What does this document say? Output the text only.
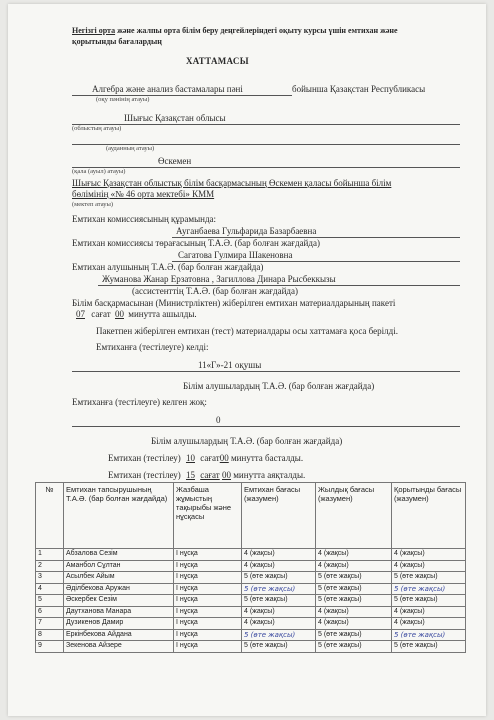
Негізгі орта және жалпы орта білім беру деңгейлеріндегі оқыту курсы үшін емтихан және
қорытынды бағалардың
ХАТТАМАСЫ
Алгебра және анализ бастамалары пәні	бойынша Қазақстан Республикасы
(оқу пәнінің атауы)
Шығыс Қазақстан облысы
(облыстың атауы)
(ауданның атауы)
Өскемен
(қала (ауыл) атауы)
Шығыс Қазақстан облыстық білім басқармасының Өскемен қаласы бойынша білім
бөлімінің «№ 46 орта мектебі» КММ
(мектеп атауы)
Емтихан комиссиясының құрамында:
Ауганбаева Гульфарида Базарбаевна
Емтихан комиссиясы төрағасының Т.А.Ә. (бар болған жағдайда)
Сагатова Гулмира Шакеновна
Емтихан алушының Т.А.Ә. (бар болған жағдайда)
Жуманова Жанар Ерзатовна , Загиллова Динара Рысбеккызы
(ассистенттің Т.А.Ә. (бар болған жағдайда)
Білім басқармасынан (Министрліктен) жіберілген емтихан материалдарының пакеті
07 сағат 00 минутта ашылды.
Пакетпен жіберілген емтихан (тест) материалдары осы хаттамаға қоса берілді.
Емтиханға (тестілеуге) келді:
11«Г»-21 оқушы
Білім алушылардың Т.А.Ә. (бар болған жағдайда)
Емтиханға (тестілеуге) келген жоқ:
0
Білім алушылардың Т.А.Ә. (бар болған жағдайда)
Емтихан (тестілеу) 10 сағат00 минутта басталды.
Емтихан (тестілеу) 15 сағат 00 минутта аяқталды.
№	Емтихан тапсырушының Т.А.Ә. (бар болған жағдайда)	Жазбаша жұмыстың тақырыбы және нұсқасы	Емтихан бағасы (жазумен)	Жылдық бағасы (жазумен)	Қорытынды бағасы (жазумен)
1	Абзалова Сезім	I нұсқа	4 (жақсы)	4 (жақсы)	4 (жақсы)
2	Аманбол Сұлтан	I нұсқа	4 (жақсы)	4 (жақсы)	4 (жақсы)
3	Асылбек Айым	I нұсқа	5 (өте жақсы)	5 (өте жақсы)	5 (өте жақсы)
4	Әділбекова Аружан	I нұсқа	5 (өте жақсы)	5 (өте жақсы)	5 (өте жақсы)
5	Әскербек Сезім	I нұсқа	5 (өте жақсы)	5 (өте жақсы)	5 (өте жақсы)
6	Даутханова Манара	I нұсқа	4 (жақсы)	4 (жақсы)	4 (жақсы)
7	Дузикенов Дамир	I нұсқа	4 (жақсы)	4 (жақсы)	4 (жақсы)
8	Еркінбекова Айдана	I нұсқа	5 (өте жақсы)	5 (өте жақсы)	5 (өте жақсы)
9	Зекенова Айзере	I нұсқа	5 (өте жақсы)	5 (өте жақсы)	5 (өте жақсы)
